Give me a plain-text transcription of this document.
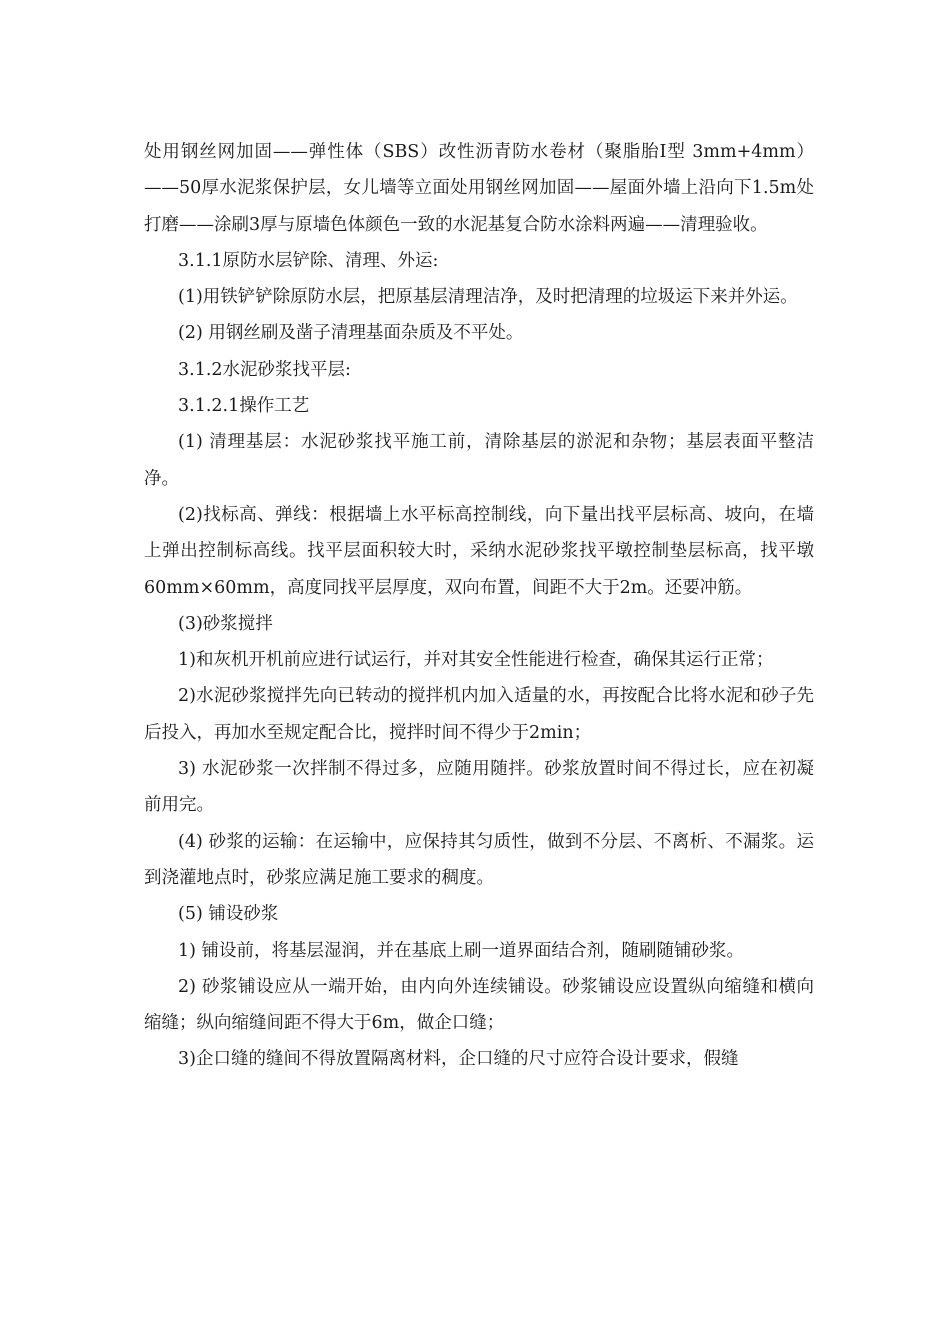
处用钢丝网加固——弹性体（SBS）改性沥青防水卷材（聚脂胎Ⅰ型 3mm+4mm）——50厚水泥浆保护层，女儿墙等立面处用钢丝网加固——屋面外墙上沿向下1.5m处打磨——涂刷3厚与原墙色体颜色一致的水泥基复合防水涂料两遍——清理验收。

3.1.1原防水层铲除、清理、外运:

(1)用铁铲铲除原防水层，把原基层清理洁净，及时把清理的垃圾运下来并外运。

(2) 用钢丝刷及凿子清理基面杂质及不平处。

3.1.2水泥砂浆找平层:

3.1.2.1操作工艺

(1) 清理基层：水泥砂浆找平施工前，清除基层的淤泥和杂物；基层表面平整洁净。

(2)找标高、弹线：根据墙上水平标高控制线，向下量出找平层标高、坡向，在墙上弹出控制标高线。找平层面积较大时，采纳水泥砂浆找平墩控制垫层标高，找平墩60mm×60mm，高度同找平层厚度，双向布置，间距不大于2m。还要冲筋。

(3)砂浆搅拌

1)和灰机开机前应进行试运行，并对其安全性能进行检查，确保其运行正常；

2)水泥砂浆搅拌先向已转动的搅拌机内加入适量的水，再按配合比将水泥和砂子先后投入，再加水至规定配合比，搅拌时间不得少于2min；

3) 水泥砂浆一次拌制不得过多，应随用随拌。砂浆放置时间不得过长，应在初凝前用完。

(4) 砂浆的运输：在运输中，应保持其匀质性，做到不分层、不离析、不漏浆。运到浇灌地点时，砂浆应满足施工要求的稠度。

(5) 铺设砂浆

1) 铺设前，将基层湿润，并在基底上刷一道界面结合剂，随刷随铺砂浆。

2) 砂浆铺设应从一端开始，由内向外连续铺设。砂浆铺设应设置纵向缩缝和横向缩缝；纵向缩缝间距不得大于6m，做企口缝；

3)企口缝的缝间不得放置隔离材料，企口缝的尺寸应符合设计要求，假缝
